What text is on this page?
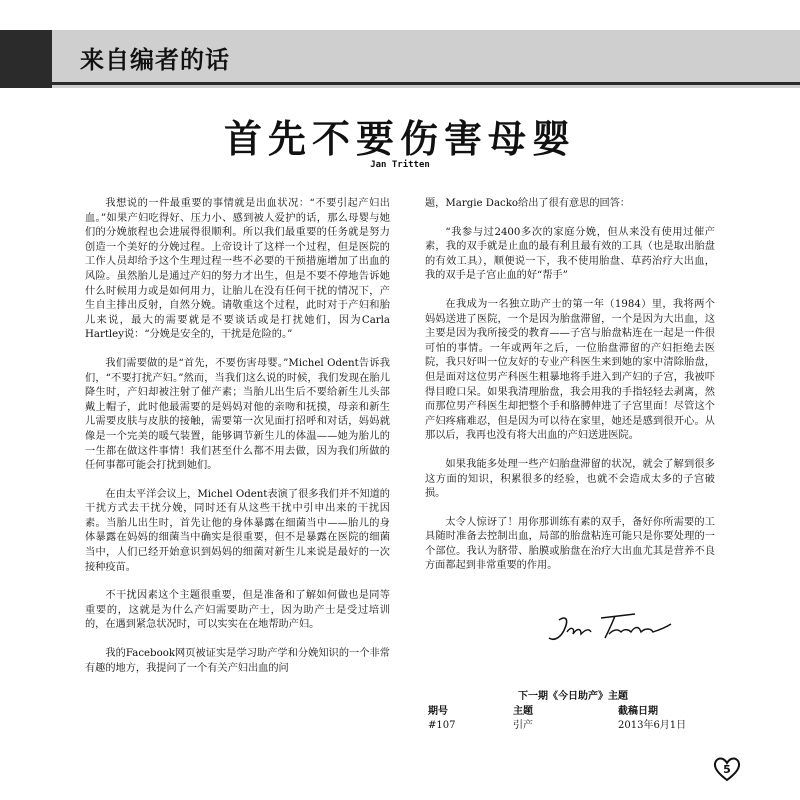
来自编者的话
首先不要伤害母婴
Jan Tritten

我想说的一件最重要的事情就是出血状况：“不要引起产妇出血。”如果产妇吃得好、压力小、感到被人爱护的话，那么母婴与她们的分娩旅程也会进展得很顺利。所以我们最重要的任务就是努力创造一个美好的分娩过程。上帝设计了这样一个过程，但是医院的工作人员却给予这个生理过程一些不必要的干预措施增加了出血的风险。虽然胎儿是通过产妇的努力才出生，但是不要不停地告诉她什么时候用力或是如何用力，让胎儿在没有任何干扰的情况下，产生自主排出反射，自然分娩。请敬重这个过程，此时对于产妇和胎儿来说，最大的需要就是不要谈话或是打扰她们，因为Carla Hartley说：“分娩是安全的，干扰是危险的。”

我们需要做的是“首先，不要伤害母婴。”Michel Odent告诉我们，“不要打扰产妇。”然而，当我们这么说的时候，我们发现在胎儿降生时，产妇却被注射了催产素；当胎儿出生后不要给新生儿头部戴上帽子，此时他最需要的是妈妈对他的亲吻和抚摸，母亲和新生儿需要皮肤与皮肤的接触，需要第一次见面打招呼和对话，妈妈就像是一个完美的暖气装置，能够调节新生儿的体温——她为胎儿的一生都在做这件事情！我们甚至什么都不用去做，因为我们所做的任何事都可能会打扰到她们。

在由太平洋会议上，Michel Odent表演了很多我们并不知道的干扰方式去干扰分娩，同时还有从这些干扰中引申出来的干扰因素。当胎儿出生时，首先让他的身体暴露在细菌当中——胎儿的身体暴露在妈妈的细菌当中确实是很重要，但不是暴露在医院的细菌当中，人们已经开始意识到妈妈的细菌对新生儿来说是最好的一次接种疫苗。

不干扰因素这个主题很重要，但是准备和了解如何做也是同等重要的，这就是为什么产妇需要助产士，因为助产士是受过培训的，在遇到紧急状况时，可以实实在在地帮助产妇。

我的Facebook网页被证实是学习助产学和分娩知识的一个非常有趣的地方，我提问了一个有关产妇出血的问

题，Margie Dacko给出了很有意思的回答：

“我参与过2400多次的家庭分娩，但从来没有使用过催产素，我的双手就是止血的最有利且最有效的工具（也是取出胎盘的有效工具），顺便说一下，我不使用胎盘、草药治疗大出血，我的双手是子宫止血的好“帮手”

在我成为一名独立助产士的第一年（1984）里，我将两个妈妈送进了医院，一个是因为胎盘滞留，一个是因为大出血，这主要是因为我所接受的教育——子宫与胎盘粘连在一起是一件很可怕的事情。一年或两年之后，一位胎盘滞留的产妇拒绝去医院，我只好叫一位友好的专业产科医生来到她的家中清除胎盘，但是面对这位男产科医生粗暴地将手进入到产妇的子宫，我被吓得目瞪口呆。如果我清理胎盘，我会用我的手指轻轻去剥离，然而那位男产科医生却把整个手和胳膊伸进了子宫里面！尽管这个产妇疼痛难忍，但是因为可以待在家里，她还是感到很开心。从那以后，我再也没有将大出血的产妇送进医院。

如果我能多处理一些产妇胎盘滞留的状况，就会了解到很多这方面的知识，积累很多的经验，也就不会造成太多的子宫破损。

太令人惊讶了！用你那训练有素的双手，备好你所需要的工具随时准备去控制出血，局部的胎盘粘连可能只是你要处理的一个部位。我认为脐带、胎膜或胎盘在治疗大出血尤其是营养不良方面都起到非常重要的作用。

下一期《今日助产》主题
期号	主题	截稿日期
#107	引产	2013年6月1日
5
